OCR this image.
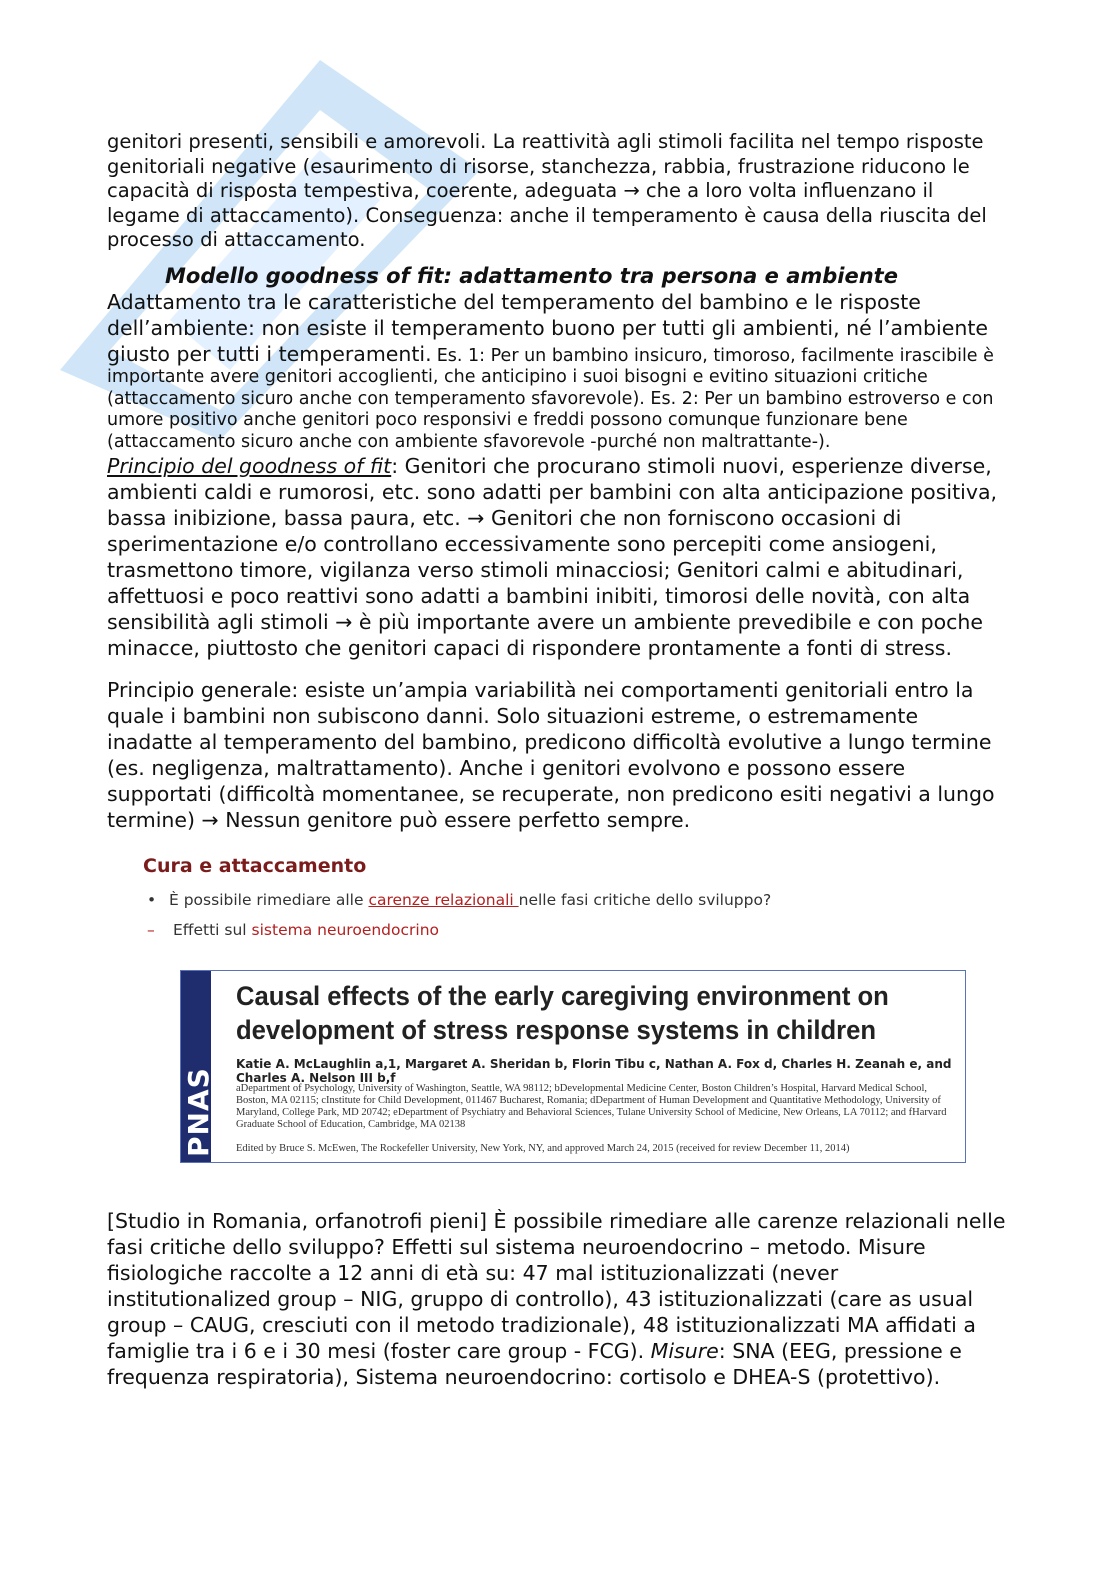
genitori presenti, sensibili e amorevoli. La reattività agli stimoli facilita nel tempo risposte genitoriali negative (esaurimento di risorse, stanchezza, rabbia, frustrazione riducono le capacità di risposta tempestiva, coerente, adeguata → che a loro volta influenzano il legame di attaccamento). Conseguenza: anche il temperamento è causa della riuscita del processo di attaccamento.

Modello goodness of fit: adattamento tra persona e ambiente

Adattamento tra le caratteristiche del temperamento del bambino e le risposte dell’ambiente: non esiste il temperamento buono per tutti gli ambienti, né l’ambiente giusto per tutti i temperamenti. Es. 1: Per un bambino insicuro, timoroso, facilmente irascibile è importante avere genitori accoglienti, che anticipino i suoi bisogni e evitino situazioni critiche (attaccamento sicuro anche con temperamento sfavorevole). Es. 2: Per un bambino estroverso e con umore positivo anche genitori poco responsivi e freddi possono comunque funzionare bene (attaccamento sicuro anche con ambiente sfavorevole -purché non maltrattante-).

Principio del goodness of fit: Genitori che procurano stimoli nuovi, esperienze diverse, ambienti caldi e rumorosi, etc. sono adatti per bambini con alta anticipazione positiva, bassa inibizione, bassa paura, etc. → Genitori che non forniscono occasioni di sperimentazione e/o controllano eccessivamente sono percepiti come ansiogeni, trasmettono timore, vigilanza verso stimoli minacciosi; Genitori calmi e abitudinari, affettuosi e poco reattivi sono adatti a bambini inibiti, timorosi delle novità, con alta sensibilità agli stimoli → è più importante avere un ambiente prevedibile e con poche minacce, piuttosto che genitori capaci di rispondere prontamente a fonti di stress.

Principio generale: esiste un’ampia variabilità nei comportamenti genitoriali entro la quale i bambini non subiscono danni. Solo situazioni estreme, o estremamente inadatte al temperamento del bambino, predicono difficoltà evolutive a lungo termine (es. negligenza, maltrattamento). Anche i genitori evolvono e possono essere supportati (difficoltà momentanee, se recuperate, non predicono esiti negativi a lungo termine) → Nessun genitore può essere perfetto sempre.

Cura e attaccamento
• È possibile rimediare alle carenze relazionali nelle fasi critiche dello sviluppo?
– Effetti sul sistema neuroendocrino
PNAS
Causal effects of the early caregiving environment on development of stress response systems in children
Katie A. McLaughlin a,1, Margaret A. Sheridan b, Florin Tibu c, Nathan A. Fox d, Charles H. Zeanah e, and Charles A. Nelson III b,f
aDepartment of Psychology, University of Washington, Seattle, WA 98112; bDevelopmental Medicine Center, Boston Children’s Hospital, Harvard Medical School, Boston, MA 02115; cInstitute for Child Development, 011467 Bucharest, Romania; dDepartment of Human Development and Quantitative Methodology, University of Maryland, College Park, MD 20742; eDepartment of Psychiatry and Behavioral Sciences, Tulane University School of Medicine, New Orleans, LA 70112; and fHarvard Graduate School of Education, Cambridge, MA 02138
Edited by Bruce S. McEwen, The Rockefeller University, New York, NY, and approved March 24, 2015 (received for review December 11, 2014)

[Studio in Romania, orfanotrofi pieni] È possibile rimediare alle carenze relazionali nelle fasi critiche dello sviluppo? Effetti sul sistema neuroendocrino – metodo. Misure fisiologiche raccolte a 12 anni di età su: 47 mal istituzionalizzati (never institutionalized group – NIG, gruppo di controllo), 43 istituzionalizzati (care as usual group – CAUG, cresciuti con il metodo tradizionale), 48 istituzionalizzati MA affidati a famiglie tra i 6 e i 30 mesi (foster care group - FCG). Misure: SNA (EEG, pressione e frequenza respiratoria), Sistema neuroendocrino: cortisolo e DHEA-S (protettivo).
